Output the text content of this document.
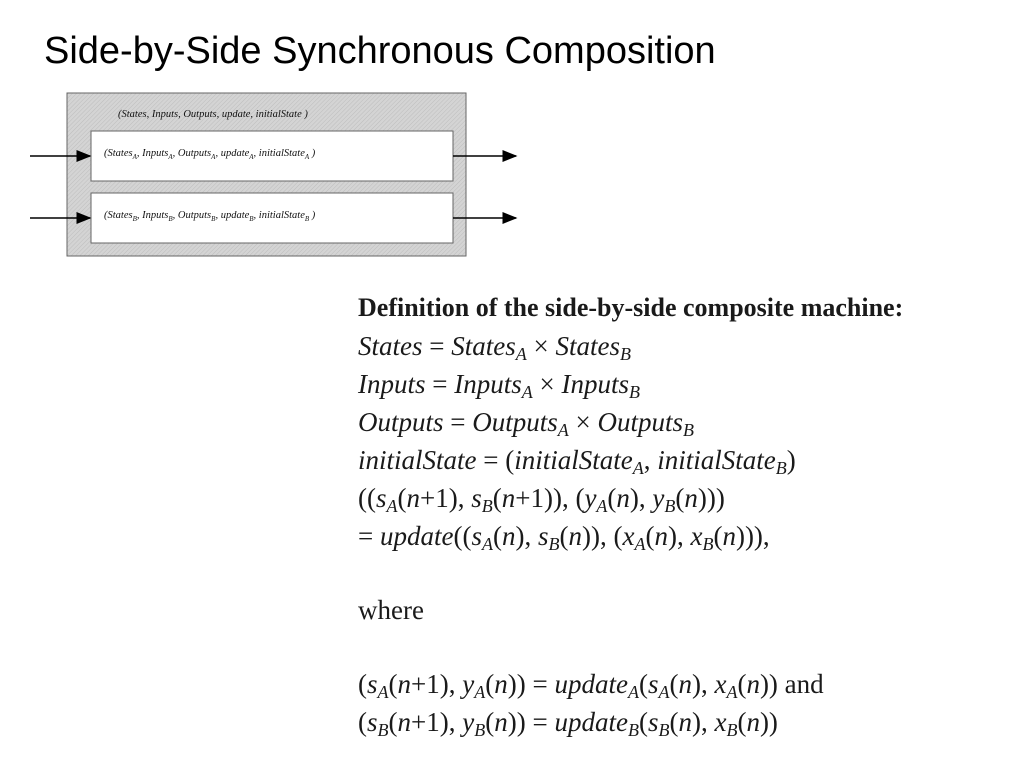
Side-by-Side Synchronous Composition
(States, Inputs, Outputs, update, initialState )
(States$_A$, Inputs$_A$, Outputs$_A$, update$_A$, initialState$_A$ )
(States$_B$, Inputs$_B$, Outputs$_B$, update$_B$, initialState$_B$ )
Definition of the side-by-side composite machine:
States = States$_A$ × States$_B$
Inputs = Inputs$_A$ × Inputs$_B$
Outputs = Outputs$_A$ × Outputs$_B$
initialState = (initialState$_A$, initialState$_B$)
(($s_A(n+1)$, $s_B(n+1)$), ($y_A(n)$, $y_B(n)$))
= $update((s_A(n)$, $s_B(n)$), ($x_A(n)$, $x_B(n)$)),
where
($s_A(n+1)$, $y_A(n)$) = $update_A(s_A(n)$, $x_A(n)$) and
($s_B(n+1)$, $y_B(n)$) = $update_B(s_B(n)$, $x_B(n)$)
